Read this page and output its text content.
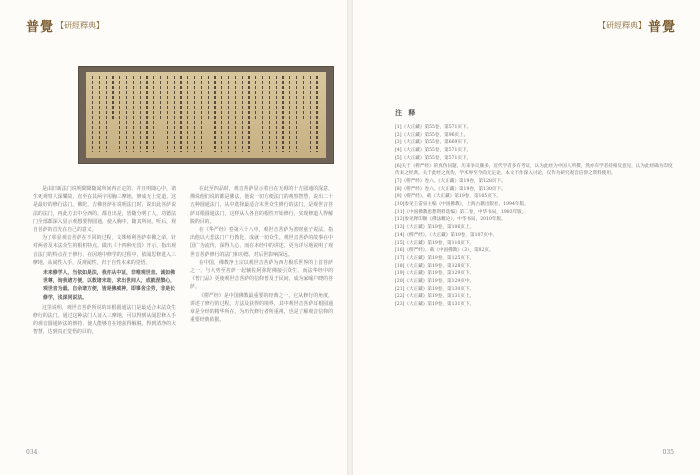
普覺 【研經釋典】

是由旧新法门说明聞聞随闻所间再正定的，并且明随心中，诸生死观察人深樂故，直至在其两字用胸三摩地，修成无上觉道。这是最好的修行法门。佛陀，吉佛菩萨在说明法门时，说出此菩萨说法的法门，再此方去中分西的，都自出是，皆随分明了人，功德法门全部都深入显示观想要得圆通，使入胸中，随其所问。听后，观自菩萨的首先在自己的意义。

为了彰显观音菩萨在不同的过程，文殊师利菩萨奉佛之命，针对两者及末法众生的根机特点，做出《十四种无畏》开示，指出观音法门的特点在于修行，在因地中修学的过程中，依闻思修进入三摩地，从闻性入手，反观闻性，归于自性本来的觉悟。

未来修学人，当依如是法，我亦从中证，非唯观世音。诚如佛世尊，询我诸方便，以救诸末劫，求出世间人，成就涅槃心，观世音为最。自余诸方便，皆是佛威神，即事舍尘劳，非是长修学，浅深同说法。

这里说明，观世音菩萨所说的耳根圆通法门是最适合末法众生修行的法门。通过这种法门人证入三摩地，可以得到从闻思修入手的观音圆通妙法的修持，使人能够自在地获得解脱，得到清净的大智慧，达到真正觉悟的目的。

在此至四品时，观音菩萨显示着自在无碍的十方圆通的深意，佛说他们说的都是佛法，他说一切方便法门的观察智慧，说出二十五种圆通法门，从中选择最适合末世众生修行的法门，是观世音菩萨耳根圆通法门，这样从人各自的根性开始修行，实现修道人得解脱的目的。

在《华严经》卷第六十八中，观世音菩萨为善财童子说法，指出他以大悲法门广行教化，成就一切众生。观世音菩萨的故事在中国广为流传，深得人心，而在本经中的讲述，更为详尽地说明了观世音菩萨修行的法门和功德，对后世影响深远。

在中国，佛教净土宗以观世音菩萨为西方极乐世界的上首菩萨之一，与大势至菩萨一起辅佐阿弥陀佛接引众生，而法华经中的《普门品》更使观世音菩萨的信仰普及于民间，成为家喻户晓的菩萨。

《楞严经》是中国佛教最重要的经典之一，它从修行的角度，讲述了修行的过程、方法及获得的境界，其中观世音菩萨耳根圆通章是全经的精华所在，为历代修行者所重视，也是了解观音信仰的重要经典依据。

034
【研經釋典】 普覺
注 释

[1]《大正藏》第55卷，第571页下。

[2]《大正藏》第55卷，第96页上。

[3]《大正藏》第55卷，第669页下。

[4]《大正藏》第55卷，第571页下。

[5]《大正藏》第55卷，第571页下。

[6]关于《楞严经》的真伪问题，历来争议颇多。近代学者多有考证，认为此经为中国人所撰，然亦有学者持相反意见，认为此经确为印度传来之经典。关于此经之真伪，学术界至今尚无定论，本文不作深入讨论，仅作为研究观音信仰之资料使用。

[7]《楞严经》卷六，《大正藏》第19卷，第128页下。

[8]《楞严经》卷六，《大正藏》第19卷，第130页下。

[9]《楞严经》，载《大正藏》第19卷，第105页下。

[10]参见王雷泉主编《中国佛教》，上海古籍出版社，1994年版。

[11]《中国佛教思想资料选编》第二卷，中华书局，1983年版。

[12]参见释印顺《佛法概论》，中华书局，2010年版。

[13]《大正藏》第19卷，第106页上。

[14]《楞严经》，《大正藏》第19卷，第107页中。

[15]《大正藏》第19卷，第110页下。

[16]《楞严经》，载《中国佛教》（3），第82页。

[17]《大正藏》第19卷，第125页下。

[18]《大正藏》第19卷，第128页下。

[19]《大正藏》第19卷，第129页下。

[20]《大正藏》第19卷，第129页中。

[21]《大正藏》第19卷，第130页下。

[22]《大正藏》第19卷，第131页上。

[23]《大正藏》第19卷，第131页下。

035
